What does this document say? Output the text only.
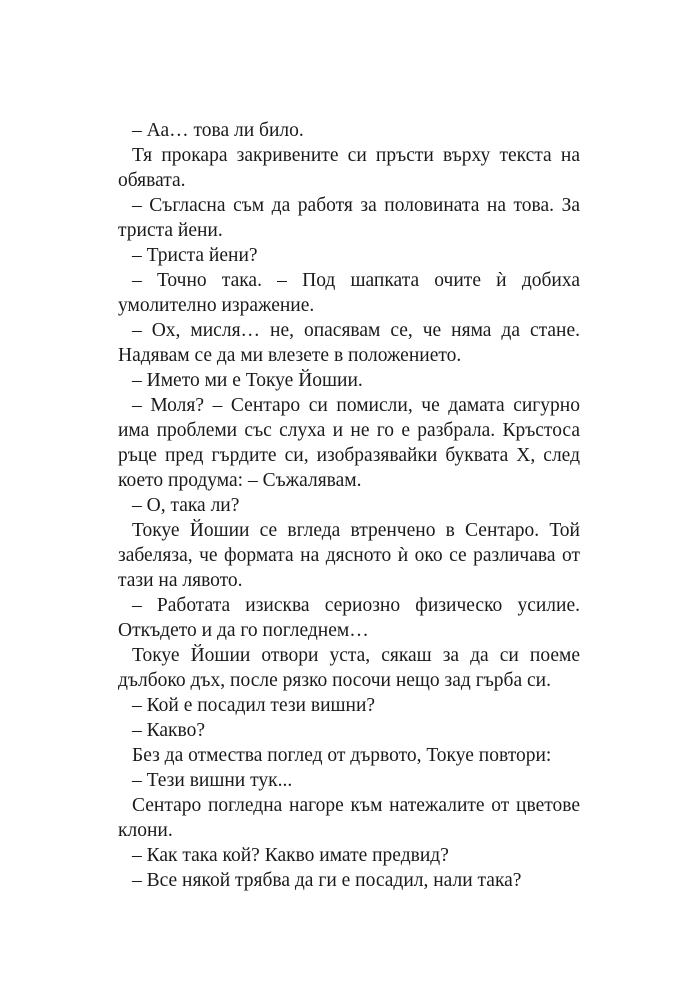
– Аа… това ли било.

Тя прокара закривените си пръсти върху текста на обявата.

– Съгласна съм да работя за половината на това. За триста йени.

– Триста йени?

– Точно така. – Под шапката очите ѝ добиха умолително изражение.

– Ох, мисля… не, опасявам се, че няма да стане. Надявам се да ми влезете в положението.

– Името ми е Токуе Йошии.

– Моля? – Сентаро си помисли, че дамата сигурно има проблеми със слуха и не го е разбрала. Кръстоса ръце пред гърдите си, изобразявайки буквата Х, след което продума: – Съжалявам.

– О, така ли?

Токуе Йошии се вгледа втренчено в Сентаро. Той забеляза, че формата на дясното ѝ око се различава от тази на лявото.

– Работата изисква сериозно физическо усилие. Откъдето и да го погледнем…

Токуе Йошии отвори уста, сякаш за да си поеме дълбоко дъх, после рязко посочи нещо зад гърба си.

– Кой е посадил тези вишни?

– Какво?

Без да отмества поглед от дървото, Токуе повтори:

– Тези вишни тук...

Сентаро погледна нагоре към натежалите от цветове клони.

– Как така кой? Какво имате предвид?

– Все някой трябва да ги е посадил, нали така?
